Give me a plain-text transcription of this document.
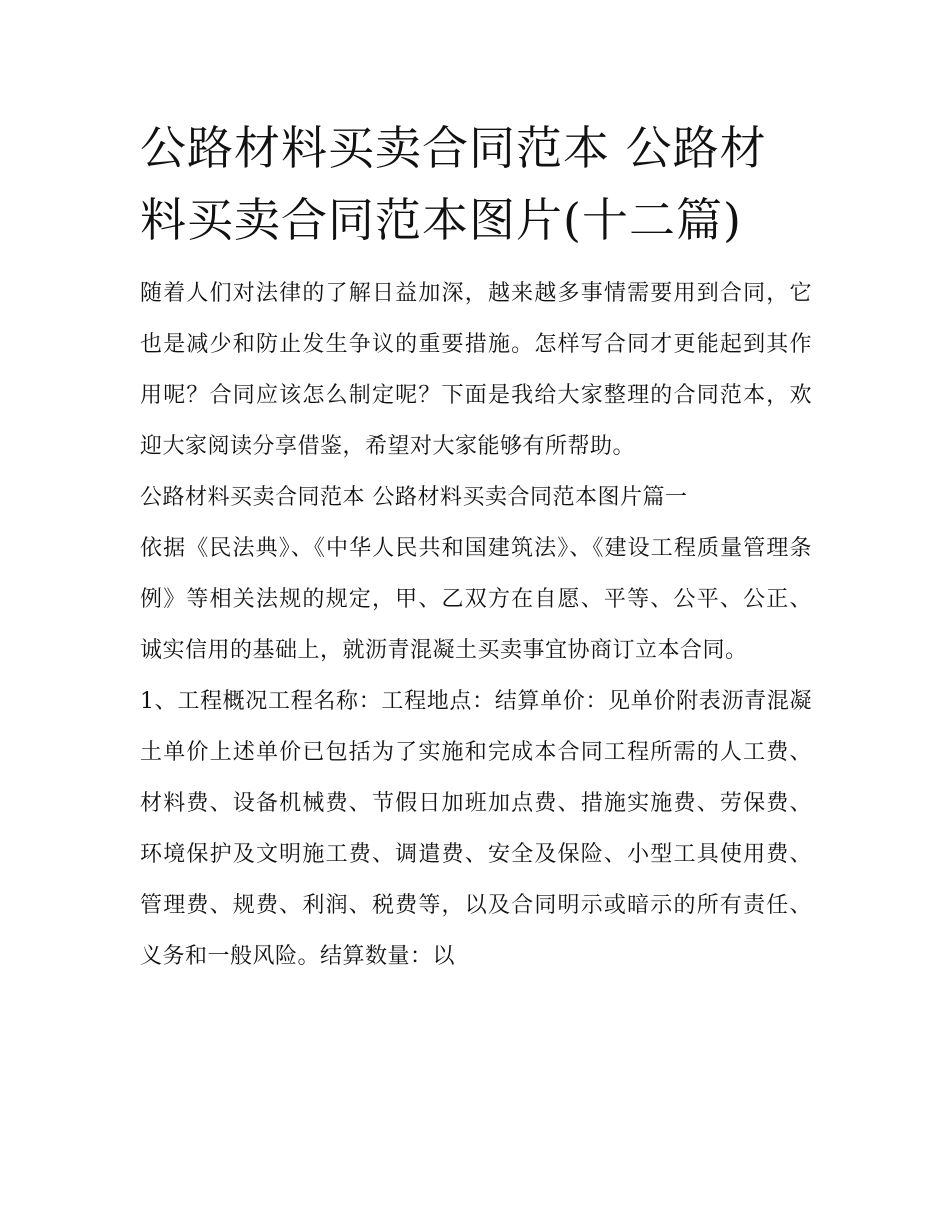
公路材料买卖合同范本 公路材料买卖合同范本图片(十二篇)

随着人们对法律的了解日益加深，越来越多事情需要用到合同，它也是减少和防止发生争议的重要措施。怎样写合同才更能起到其作用呢？合同应该怎么制定呢？下面是我给大家整理的合同范本，欢迎大家阅读分享借鉴，希望对大家能够有所帮助。

公路材料买卖合同范本 公路材料买卖合同范本图片篇一

依据《民法典》、《中华人民共和国建筑法》、《建设工程质量管理条例》等相关法规的规定，甲、乙双方在自愿、平等、公平、公正、诚实信用的基础上，就沥青混凝土买卖事宜协商订立本合同。

1、工程概况工程名称：工程地点：结算单价：见单价附表沥青混凝土单价上述单价已包括为了实施和完成本合同工程所需的人工费、材料费、设备机械费、节假日加班加点费、措施实施费、劳保费、环境保护及文明施工费、调遣费、安全及保险、小型工具使用费、管理费、规费、利润、税费等，以及合同明示或暗示的所有责任、义务和一般风险。结算数量：以
